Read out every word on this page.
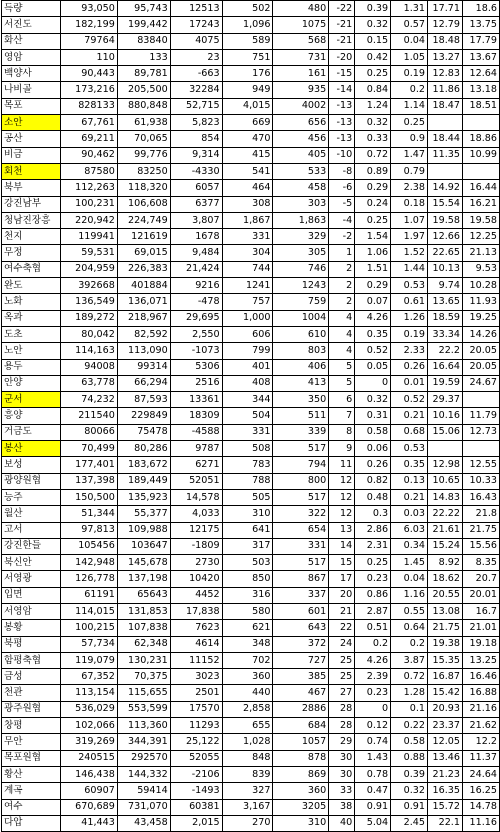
득량	93,050	95,743	12513	502	480	-22	0.39	1.31	17.71	18.6
서진도	182,199	199,442	17243	1,096	1075	-21	0.32	0.57	12.79	13.75
화산	79764	83840	4075	589	568	-21	0.15	0.04	18.48	17.79
영암	110	133	23	751	731	-20	0.42	1.05	13.27	13.67
백양사	90,443	89,781	-663	176	161	-15	0.25	0.19	12.83	12.64
나비골	173,216	205,500	32284	949	935	-14	0.84	0.2	11.86	13.18
목포	828133	880,848	52,715	4,015	4002	-13	1.24	1.14	18.47	18.51
소안	67,761	61,938	5,823	669	656	-13	0.32	0.25		
공산	69,211	70,065	854	470	456	-13	0.33	0.9	18.44	18.86
비금	90,462	99,776	9,314	415	405	-10	0.72	1.47	11.35	10.99
회천	87580	83250	-4330	541	533	-8	0.89	0.79		
북부	112,263	118,320	6057	464	458	-6	0.29	2.38	14.92	16.44
강진남부	100,231	106,608	6377	308	303	-5	0.24	0.18	15.54	16.21
청남진장흥	220,942	224,749	3,807	1,867	1,863	-4	0.25	1.07	19.58	19.58
천지	119941	121619	1678	331	329	-2	1.54	1.97	12.66	12.25
무정	59,531	69,015	9,484	304	305	1	1.06	1.52	22.65	21.13
여수축협	204,959	226,383	21,424	744	746	2	1.51	1.44	10.13	9.53
완도	392668	401884	9216	1241	1243	2	0.29	0.53	9.74	10.28
노화	136,549	136,071	-478	757	759	2	0.07	0.61	13.65	11.93
옥과	189,272	218,967	29,695	1,000	1004	4	4.26	1.26	18.59	19.25
도초	80,042	82,592	2,550	606	610	4	0.35	0.19	33.34	14.26
노안	114,163	113,090	-1073	799	803	4	0.52	2.33	22.2	20.05
용두	94008	99314	5306	401	406	5	0.05	0.26	16.64	20.05
안양	63,778	66,294	2516	408	413	5	0	0.01	19.59	24.67
군서	74,232	87,593	13361	344	350	6	0.32	0.52	29.37	
흥양	211540	229849	18309	504	511	7	0.31	0.21	10.16	11.79
거금도	80066	75478	-4588	331	339	8	0.58	0.68	15.06	12.73
봉산	70,499	80,286	9787	508	517	9	0.06	0.53		
보성	177,401	183,672	6271	783	794	11	0.26	0.35	12.98	12.55
광양원협	137,398	189,449	52051	788	800	12	0.82	0.13	10.65	10.33
능주	150,500	135,923	14,578	505	517	12	0.48	0.21	14.83	16.43
월산	51,344	55,377	4,033	310	322	12	0.3	0.03	22.22	21.8
고서	97,813	109,988	12175	641	654	13	2.86	6.03	21.61	21.75
강진한들	105456	103647	-1809	317	331	14	2.31	0.34	15.24	15.56
북신안	142,948	145,678	2730	503	517	15	0.25	1.45	8.92	8.35
서영광	126,778	137,198	10420	850	867	17	0.23	0.04	18.62	20.7
입면	61191	65643	4452	316	337	20	0.86	1.16	20.55	20.01
서영암	114,015	131,853	17,838	580	601	21	2.87	0.55	13.08	16.7
봉황	100,215	107,838	7623	621	643	22	0.51	0.64	21.75	21.01
북평	57,734	62,348	4614	348	372	24	0.2	0.2	19.38	19.18
함평축협	119,079	130,231	11152	702	727	25	4.26	3.87	15.35	13.25
금성	67,352	70,375	3023	360	385	25	2.39	0.72	16.87	16.46
천관	113,154	115,655	2501	440	467	27	0.23	1.28	15.42	16.88
광주원협	536,029	553,599	17570	2,858	2886	28	0	0.1	20.93	21.16
창평	102,066	113,360	11293	655	684	28	0.12	0.22	23.37	21.62
무안	319,269	344,391	25,122	1,028	1057	29	0.74	0.58	12.05	12.2
목포원협	240515	292570	52055	848	878	30	1.43	0.88	13.46	11.37
황산	146,438	144,332	-2106	839	869	30	0.78	0.39	21.23	24.64
계곡	60907	59414	-1493	327	360	33	0.47	0.32	16.35	16.25
여수	670,689	731,070	60381	3,167	3205	38	0.91	0.91	15.72	14.78
다압	41,443	43,458	2,015	270	310	40	5.04	2.45	22.1	11.16
